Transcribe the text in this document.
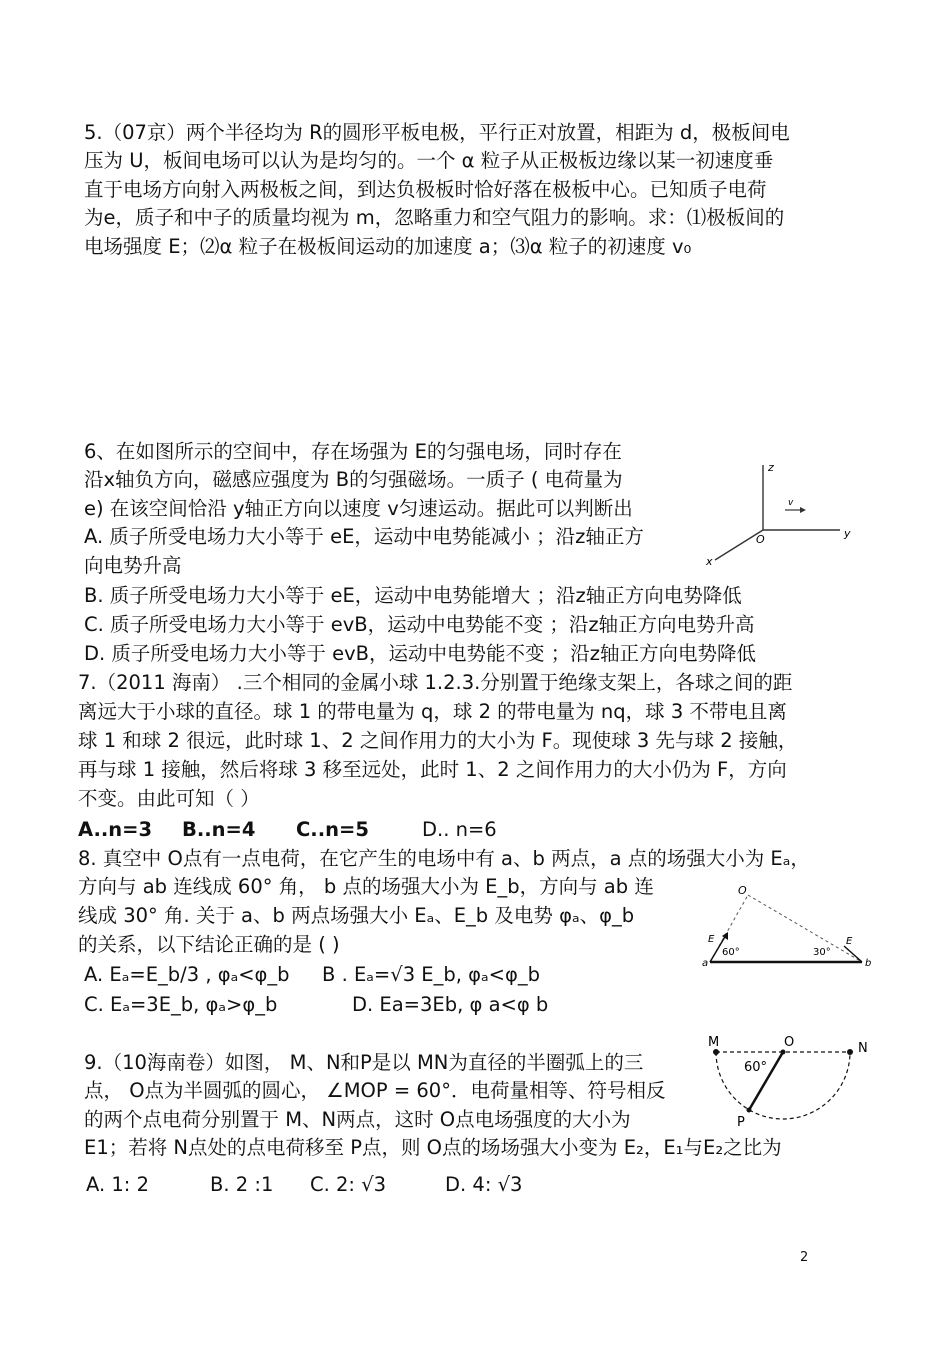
5.（07京）两个半径均为 R的圆形平板电极，平行正对放置，相距为 d，极板间电
压为 U，板间电场可以认为是均匀的。一个 α 粒子从正极板边缘以某一初速度垂
直于电场方向射入两极板之间，到达负极板时恰好落在极板中心。已知质子电荷
为e，质子和中子的质量均视为 m，忽略重力和空气阻力的影响。求：⑴极板间的
电场强度 E；⑵α 粒子在极板间运动的加速度 a；⑶α 粒子的初速度 v₀
6、在如图所示的空间中，存在场强为 E的匀强电场，同时存在
沿x轴负方向，磁感应强度为 B的匀强磁场。一质子 ( 电荷量为
e) 在该空间恰沿 y轴正方向以速度 v匀速运动。据此可以判断出
A. 质子所受电场力大小等于 eE，运动中电势能减小 ；沿z轴正方
向电势升高
B. 质子所受电场力大小等于 eE，运动中电势能增大 ；沿z轴正方向电势降低
C. 质子所受电场力大小等于 evB，运动中电势能不变 ；沿z轴正方向电势升高
D. 质子所受电场力大小等于 evB，运动中电势能不变 ；沿z轴正方向电势降低
z
y
x
O
v
7.（2011 海南） .三个相同的金属小球 1.2.3.分别置于绝缘支架上，各球之间的距
离远大于小球的直径。球 1 的带电量为 q，球 2 的带电量为 nq，球 3 不带电且离
球 1 和球 2 很远，此时球 1、2 之间作用力的大小为 F。现使球 3 先与球 2 接触，
再与球 1 接触，然后将球 3 移至远处，此时 1、2 之间作用力的大小仍为 F，方向
不变。由此可知（ ）
A..n=3 B..n=4 C..n=5	D.. n=6
8. 真空中 O点有一点电荷，在它产生的电场中有 a、b 两点，a 点的场强大小为 Eₐ，
方向与 ab 连线成 60° 角， b 点的场强大小为 E_b，方向与 ab 连
线成 30° 角. 关于 a、b 两点场强大小 Eₐ、E_b 及电势 φₐ、φ_b
的关系，以下结论正确的是 ( )
A. Eₐ=E_b/3 , φₐ<φ_b B . Eₐ=√3 E_b, φₐ<φ_b
C. Eₐ=3E_b, φₐ>φ_b	D. Ea=3Eb, φ a<φ b
O
a	b
E	E
60°	30°
9.（10海南卷）如图， M、N和P是以 MN为直径的半圈弧上的三
点， O点为半圆弧的圆心， ∠MOP = 60°．电荷量相等、符号相反
的两个点电荷分别置于 M、N两点，这时 O点电场强度的大小为
E1；若将 N点处的点电荷移至 P点，则 O点的场场强大小变为 E₂，E₁与E₂之比为
A. 1: 2	B. 2 :1 C. 2: √3	D. 4: √3
M	O	N
P
60°
2
